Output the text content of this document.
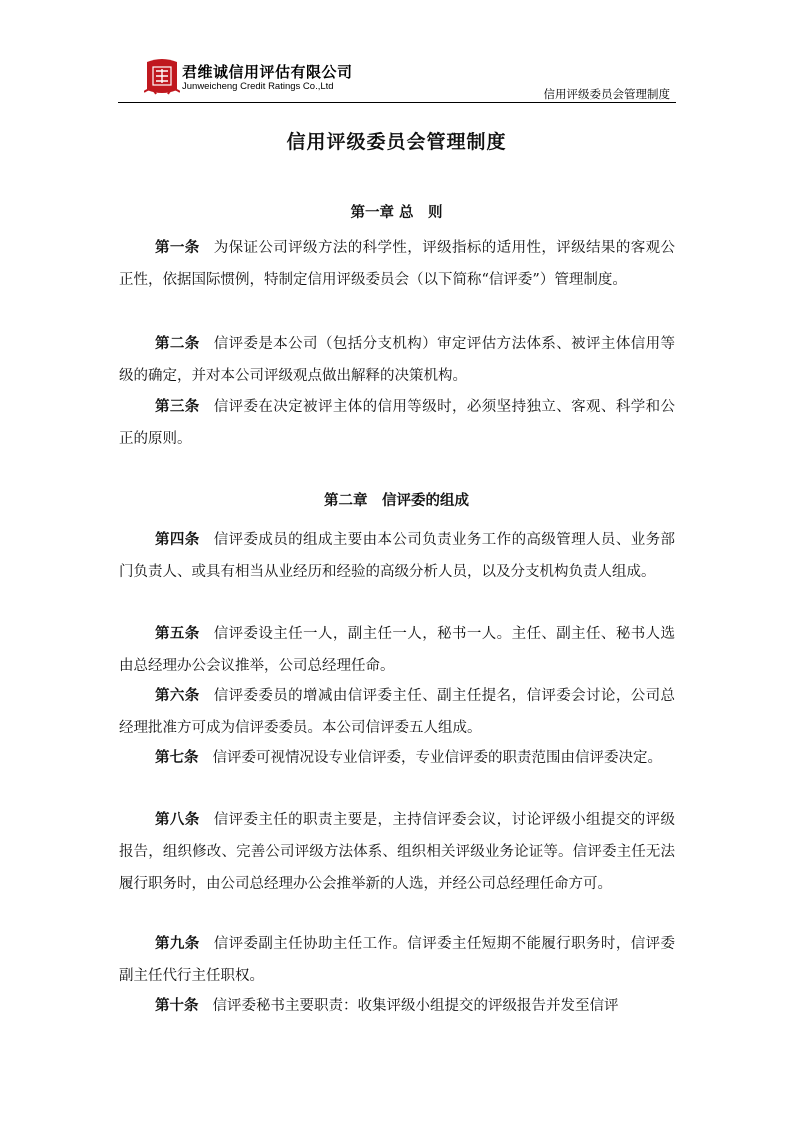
君维诚信用评估有限公司
Junweicheng Credit Ratings Co.,Ltd
信用评级委员会管理制度
信用评级委员会管理制度
第一章 总　则
第一条 为保证公司评级方法的科学性，评级指标的适用性，评级结果的客观公正性，依据国际惯例，特制定信用评级委员会（以下简称“信评委”）管理制度。
第二条 信评委是本公司（包括分支机构）审定评估方法体系、被评主体信用等级的确定，并对本公司评级观点做出解释的决策机构。
第三条 信评委在决定被评主体的信用等级时，必须坚持独立、客观、科学和公正的原则。
第二章　信评委的组成
第四条 信评委成员的组成主要由本公司负责业务工作的高级管理人员、业务部门负责人、或具有相当从业经历和经验的高级分析人员，以及分支机构负责人组成。
第五条 信评委设主任一人，副主任一人，秘书一人。主任、副主任、秘书人选由总经理办公会议推举，公司总经理任命。
第六条 信评委委员的增减由信评委主任、副主任提名，信评委会讨论，公司总经理批准方可成为信评委委员。本公司信评委五人组成。
第七条 信评委可视情况设专业信评委，专业信评委的职责范围由信评委决定。
第八条 信评委主任的职责主要是，主持信评委会议，讨论评级小组提交的评级报告，组织修改、完善公司评级方法体系、组织相关评级业务论证等。信评委主任无法履行职务时，由公司总经理办公会推举新的人选，并经公司总经理任命方可。
第九条 信评委副主任协助主任工作。信评委主任短期不能履行职务时，信评委副主任代行主任职权。
第十条 信评委秘书主要职责：收集评级小组提交的评级报告并发至信评
